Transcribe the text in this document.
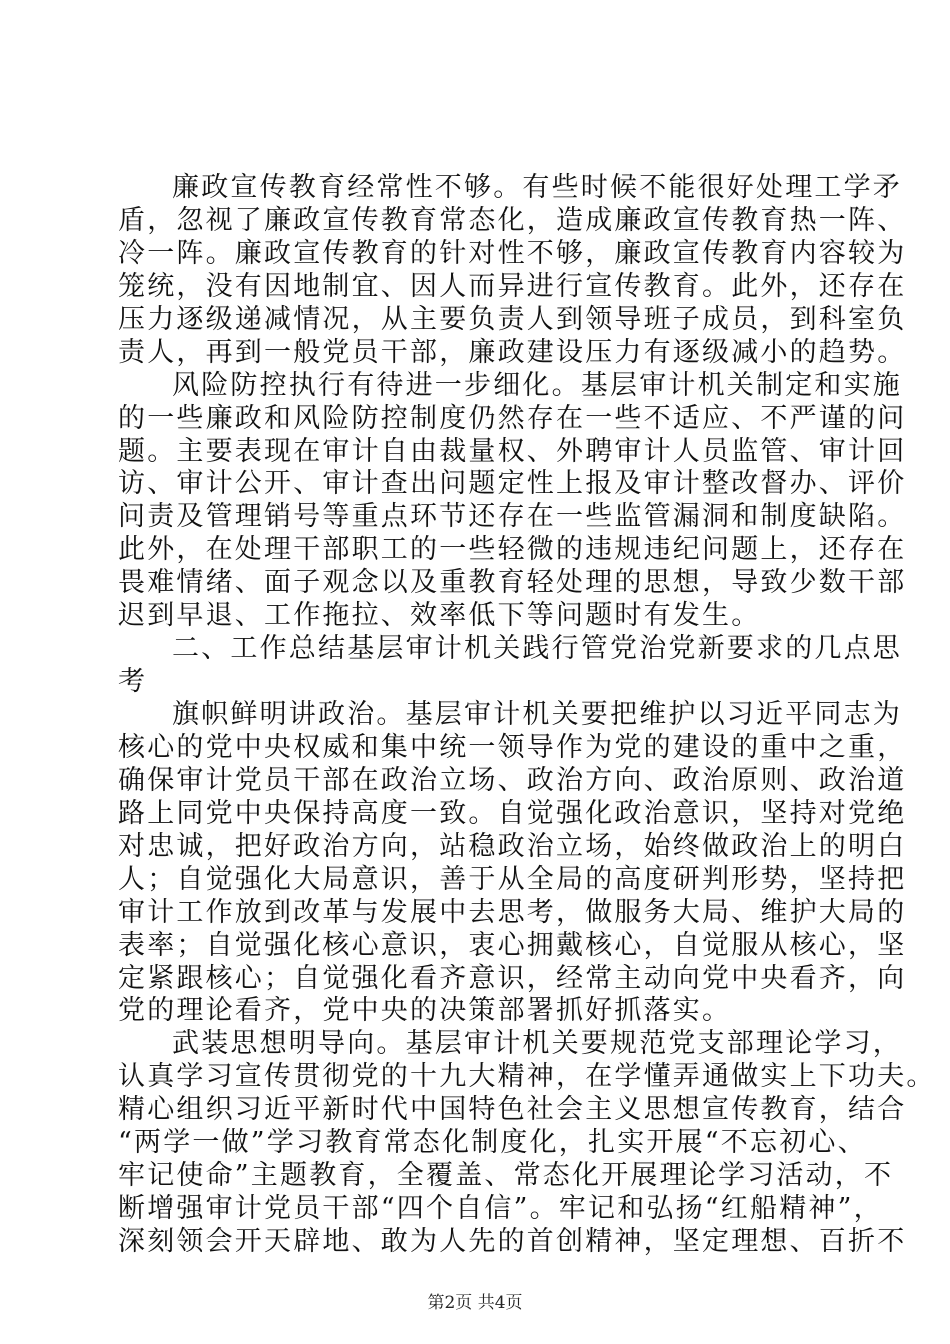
廉政宣传教育经常性不够。有些时候不能很好处理工学矛
盾，忽视了廉政宣传教育常态化，造成廉政宣传教育热一阵、
冷一阵。廉政宣传教育的针对性不够，廉政宣传教育内容较为
笼统，没有因地制宜、因人而异进行宣传教育。此外，还存在
压力逐级递减情况，从主要负责人到领导班子成员，到科室负
责人，再到一般党员干部，廉政建设压力有逐级减小的趋势。
风险防控执行有待进一步细化。基层审计机关制定和实施
的一些廉政和风险防控制度仍然存在一些不适应、不严谨的问
题。主要表现在审计自由裁量权、外聘审计人员监管、审计回
访、审计公开、审计查出问题定性上报及审计整改督办、评价
问责及管理销号等重点环节还存在一些监管漏洞和制度缺陷。
此外，在处理干部职工的一些轻微的违规违纪问题上，还存在
畏难情绪、面子观念以及重教育轻处理的思想，导致少数干部
迟到早退、工作拖拉、效率低下等问题时有发生。
二、工作总结基层审计机关践行管党治党新要求的几点思
考
旗帜鲜明讲政治。基层审计机关要把维护以习近平同志为
核心的党中央权威和集中统一领导作为党的建设的重中之重，
确保审计党员干部在政治立场、政治方向、政治原则、政治道
路上同党中央保持高度一致。自觉强化政治意识，坚持对党绝
对忠诚，把好政治方向，站稳政治立场，始终做政治上的明白
人；自觉强化大局意识，善于从全局的高度研判形势，坚持把
审计工作放到改革与发展中去思考，做服务大局、维护大局的
表率；自觉强化核心意识，衷心拥戴核心，自觉服从核心，坚
定紧跟核心；自觉强化看齐意识，经常主动向党中央看齐，向
党的理论看齐，党中央的决策部署抓好抓落实。
武装思想明导向。基层审计机关要规范党支部理论学习，
认真学习宣传贯彻党的十九大精神，在学懂弄通做实上下功夫。
精心组织习近平新时代中国特色社会主义思想宣传教育，结合
“两学一做”学习教育常态化制度化，扎实开展“不忘初心、
牢记使命”主题教育，全覆盖、常态化开展理论学习活动，不
断增强审计党员干部“四个自信”。牢记和弘扬“红船精神”，
深刻领会开天辟地、敢为人先的首创精神，坚定理想、百折不
第2页 共4页
